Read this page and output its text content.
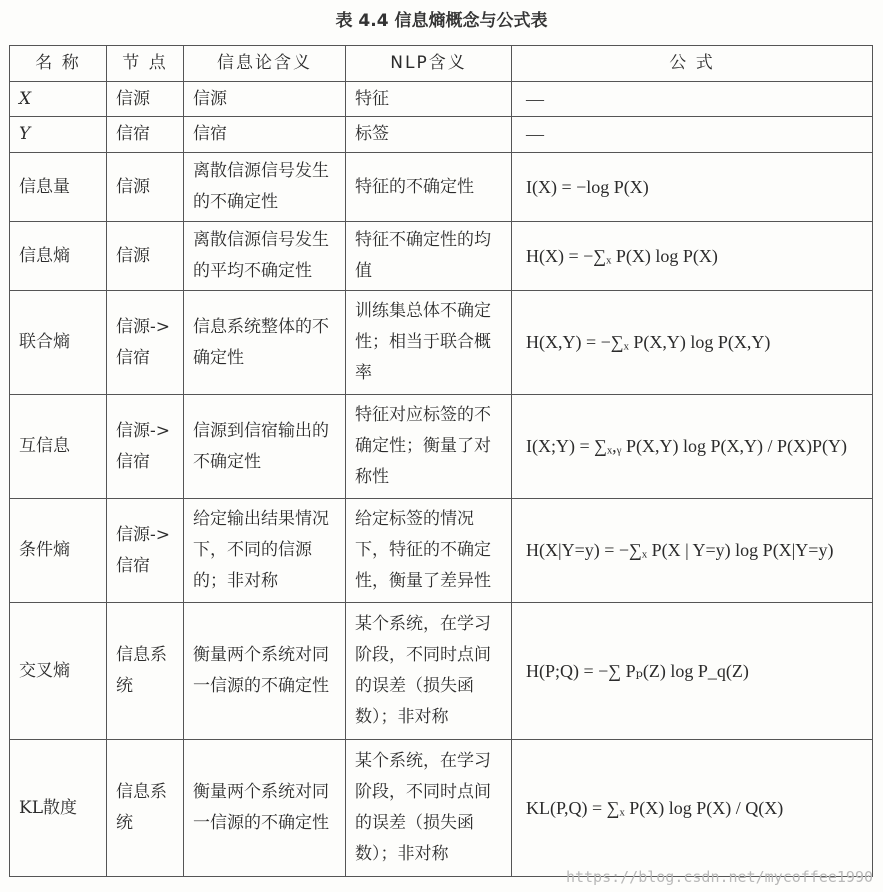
表 4.4 信息熵概念与公式表
名 称	节 点	信息论含义	NLP含义	公 式
X	信源	信源	特征	—
Y	信宿	信宿	标签	—
信息量	信源	离散信源信号发生的不确定性	特征的不确定性	I(X) = −log P(X)
信息熵	信源	离散信源信号发生的平均不确定性	特征不确定性的均值	H(X) = −∑ₓ P(X) log P(X)
联合熵	信源->信宿	信息系统整体的不确定性	训练集总体不确定性；相当于联合概率	H(X,Y) = −∑ₓ P(X,Y) log P(X,Y)
互信息	信源->信宿	信源到信宿输出的不确定性	特征对应标签的不确定性；衡量了对称性	I(X;Y) = ∑ₓ,ᵧ P(X,Y) log P(X,Y) / P(X)P(Y)
条件熵	信源->信宿	给定输出结果情况下，不同的信源的；非对称	给定标签的情况下，特征的不确定性，衡量了差异性	H(X|Y=y) = −∑ₓ P(X | Y=y) log P(X|Y=y)
交叉熵	信息系统	衡量两个系统对同一信源的不确定性	某个系统，在学习阶段，不同时点间的误差（损失函数）；非对称	H(P;Q) = −∑ Pₚ(Z) log P_q(Z)
KL散度	信息系统	衡量两个系统对同一信源的不确定性	某个系统，在学习阶段，不同时点间的误差（损失函数）；非对称	KL(P,Q) = ∑ₓ P(X) log P(X) / Q(X)
https://blog.csdn.net/mycoffee1990
